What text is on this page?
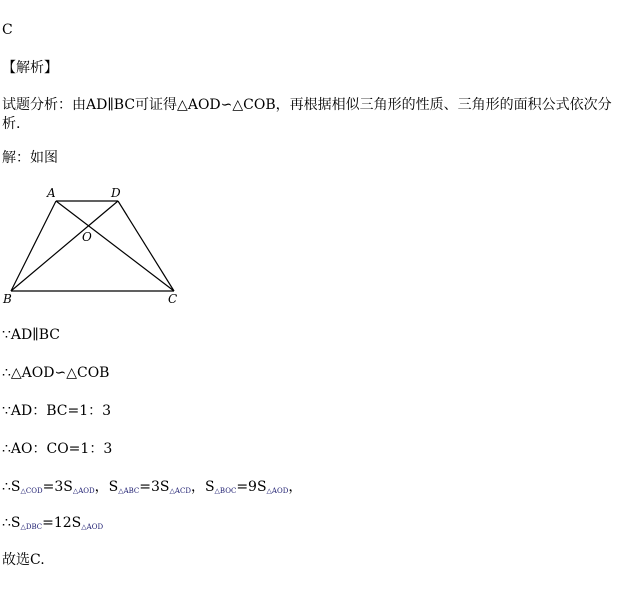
C
【解析】
试题分析：由AD∥BC可证得△AOD∽△COB，再根据相似三角形的性质、三角形的面积公式依次分析.
解：如图
A	D
O
B	C
∵AD∥BC
∴△AOD∽△COB
∵AD：BC=1：3
∴AO：CO=1：3
$\therefore S_{\triangle COD}=3S_{\triangle AOD}$，$S_{\triangle ABC}=3S_{\triangle ACD}$，$S_{\triangle BOC}=9S_{\triangle AOD}$，
$\therefore S_{\triangle DBC}=12S_{\triangle AOD}$
故选C.
